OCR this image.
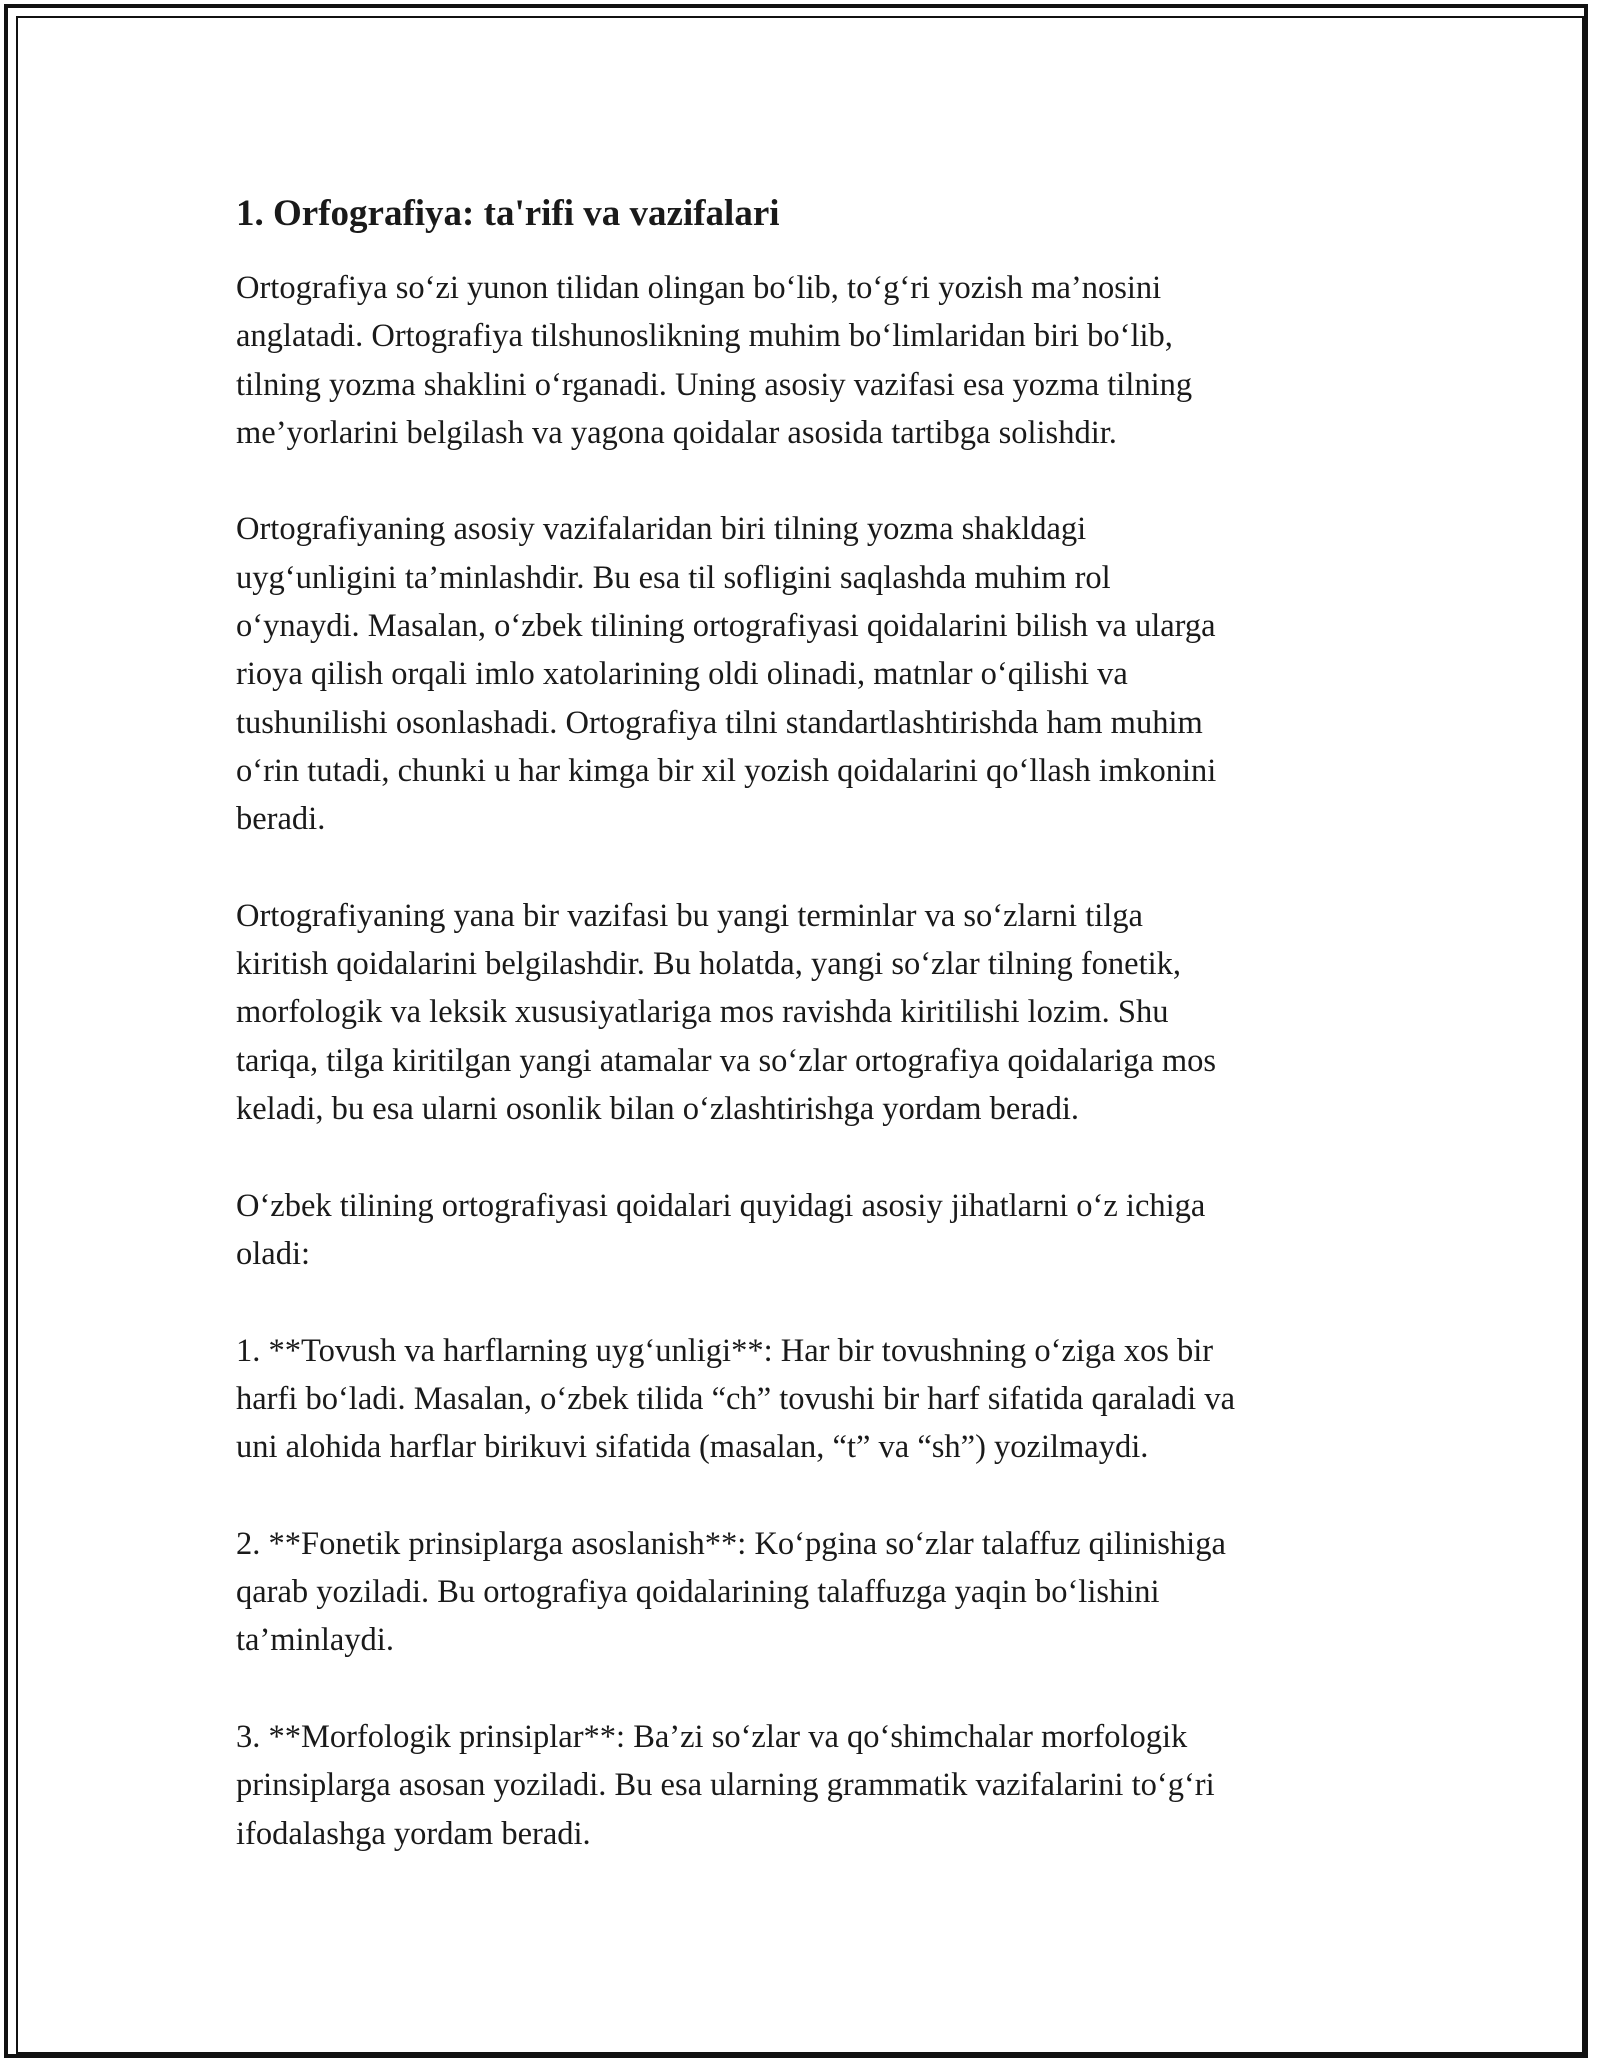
1. Orfografiya: ta'rifi va vazifalari

Ortografiya so‘zi yunon tilidan olingan bo‘lib, to‘g‘ri yozish ma’nosini
anglatadi. Ortografiya tilshunoslikning muhim bo‘limlaridan biri bo‘lib,
tilning yozma shaklini o‘rganadi. Uning asosiy vazifasi esa yozma tilning
me’yorlarini belgilash va yagona qoidalar asosida tartibga solishdir.

Ortografiyaning asosiy vazifalaridan biri tilning yozma shakldagi
uyg‘unligini ta’minlashdir. Bu esa til sofligini saqlashda muhim rol
o‘ynaydi. Masalan, o‘zbek tilining ortografiyasi qoidalarini bilish va ularga
rioya qilish orqali imlo xatolarining oldi olinadi, matnlar o‘qilishi va
tushunilishi osonlashadi. Ortografiya tilni standartlashtirishda ham muhim
o‘rin tutadi, chunki u har kimga bir xil yozish qoidalarini qo‘llash imkonini
beradi.

Ortografiyaning yana bir vazifasi bu yangi terminlar va so‘zlarni tilga
kiritish qoidalarini belgilashdir. Bu holatda, yangi so‘zlar tilning fonetik,
morfologik va leksik xususiyatlariga mos ravishda kiritilishi lozim. Shu
tariqa, tilga kiritilgan yangi atamalar va so‘zlar ortografiya qoidalariga mos
keladi, bu esa ularni osonlik bilan o‘zlashtirishga yordam beradi.

O‘zbek tilining ortografiyasi qoidalari quyidagi asosiy jihatlarni o‘z ichiga
oladi:

1. **Tovush va harflarning uyg‘unligi**: Har bir tovushning o‘ziga xos bir
harfi bo‘ladi. Masalan, o‘zbek tilida “ch” tovushi bir harf sifatida qaraladi va
uni alohida harflar birikuvi sifatida (masalan, “t” va “sh”) yozilmaydi.

2. **Fonetik prinsiplarga asoslanish**: Ko‘pgina so‘zlar talaffuz qilinishiga
qarab yoziladi. Bu ortografiya qoidalarining talaffuzga yaqin bo‘lishini
ta’minlaydi.

3. **Morfologik prinsiplar**: Ba’zi so‘zlar va qo‘shimchalar morfologik
prinsiplarga asosan yoziladi. Bu esa ularning grammatik vazifalarini to‘g‘ri
ifodalashga yordam beradi.
